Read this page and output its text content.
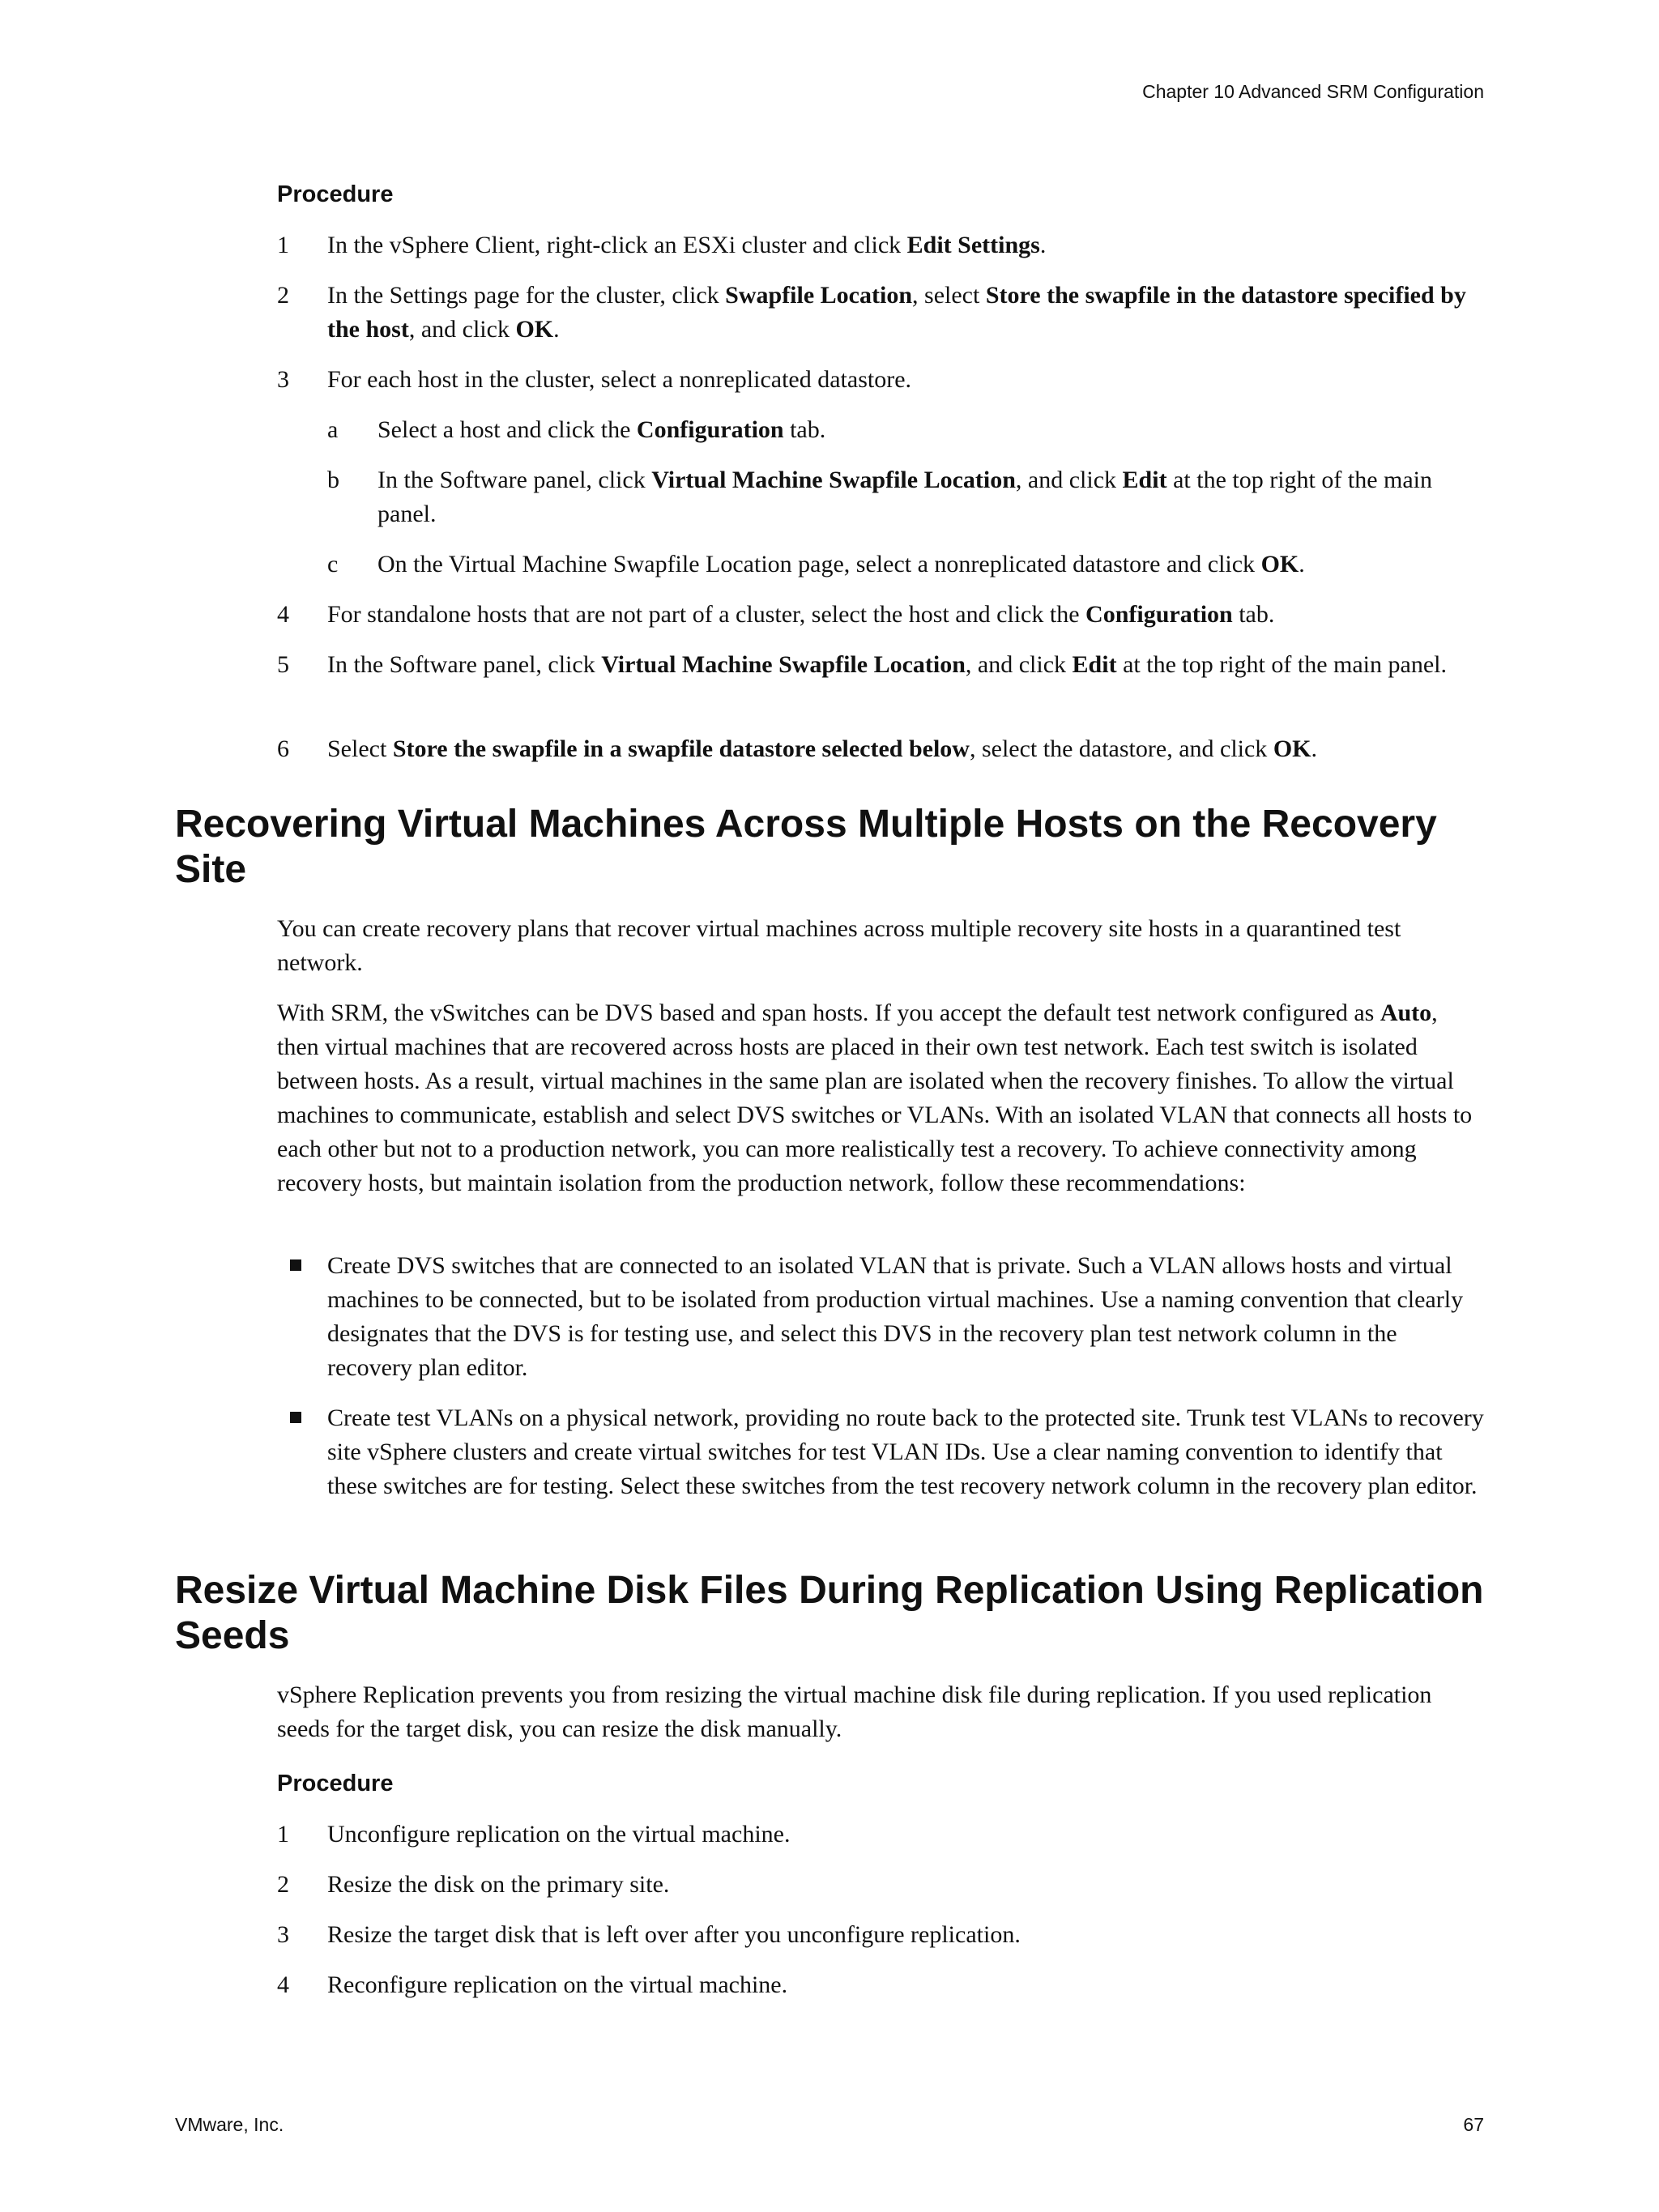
Chapter 10 Advanced SRM Configuration
Procedure
1 In the vSphere Client, right-click an ESXi cluster and click Edit Settings.
2 In the Settings page for the cluster, click Swapfile Location, select Store the swapfile in the datastore specified by the host, and click OK.
3 For each host in the cluster, select a nonreplicated datastore.
a Select a host and click the Configuration tab.
b In the Software panel, click Virtual Machine Swapfile Location, and click Edit at the top right of the main panel.
c On the Virtual Machine Swapfile Location page, select a nonreplicated datastore and click OK.
4 For standalone hosts that are not part of a cluster, select the host and click the Configuration tab.
5 In the Software panel, click Virtual Machine Swapfile Location, and click Edit at the top right of the main panel.
6 Select Store the swapfile in a swapfile datastore selected below, select the datastore, and click OK.
Recovering Virtual Machines Across Multiple Hosts on the Recovery Site
You can create recovery plans that recover virtual machines across multiple recovery site hosts in a quarantined test network.
With SRM, the vSwitches can be DVS based and span hosts. If you accept the default test network configured as Auto, then virtual machines that are recovered across hosts are placed in their own test network. Each test switch is isolated between hosts. As a result, virtual machines in the same plan are isolated when the recovery finishes. To allow the virtual machines to communicate, establish and select DVS switches or VLANs. With an isolated VLAN that connects all hosts to each other but not to a production network, you can more realistically test a recovery. To achieve connectivity among recovery hosts, but maintain isolation from the production network, follow these recommendations:
Create DVS switches that are connected to an isolated VLAN that is private. Such a VLAN allows hosts and virtual machines to be connected, but to be isolated from production virtual machines. Use a naming convention that clearly designates that the DVS is for testing use, and select this DVS in the recovery plan test network column in the recovery plan editor.
Create test VLANs on a physical network, providing no route back to the protected site. Trunk test VLANs to recovery site vSphere clusters and create virtual switches for test VLAN IDs. Use a clear naming convention to identify that these switches are for testing. Select these switches from the test recovery network column in the recovery plan editor.
Resize Virtual Machine Disk Files During Replication Using Replication Seeds
vSphere Replication prevents you from resizing the virtual machine disk file during replication. If you used replication seeds for the target disk, you can resize the disk manually.
Procedure
1 Unconfigure replication on the virtual machine.
2 Resize the disk on the primary site.
3 Resize the target disk that is left over after you unconfigure replication.
4 Reconfigure replication on the virtual machine.
VMware, Inc.	67
